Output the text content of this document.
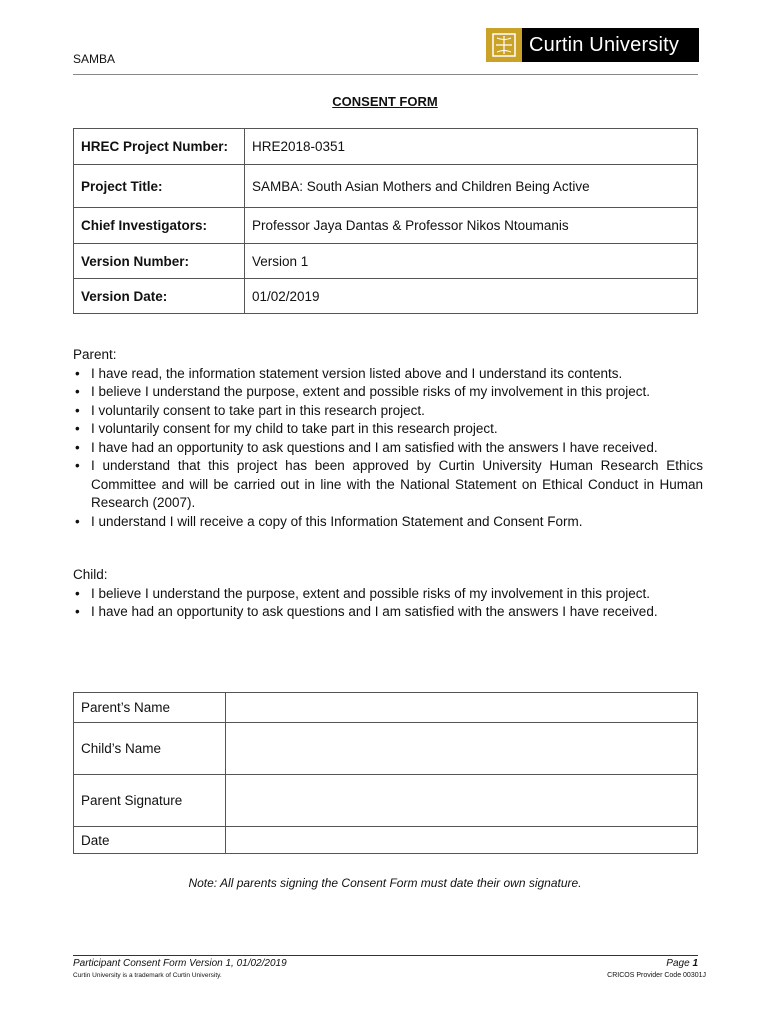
SAMBA
Curtin University
CONSENT FORM
HREC Project Number:	HRE2018-0351
Project Title:	SAMBA: South Asian Mothers and Children Being Active
Chief Investigators:	Professor Jaya Dantas & Professor Nikos Ntoumanis
Version Number:	Version 1
Version Date:	01/02/2019
Parent:
• I have read, the information statement version listed above and I understand its contents.
• I believe I understand the purpose, extent and possible risks of my involvement in this project.
• I voluntarily consent to take part in this research project.
• I voluntarily consent for my child to take part in this research project.
• I have had an opportunity to ask questions and I am satisfied with the answers I have received.
• I understand that this project has been approved by Curtin University Human Research Ethics Committee and will be carried out in line with the National Statement on Ethical Conduct in Human Research (2007).
• I understand I will receive a copy of this Information Statement and Consent Form.
Child:
• I believe I understand the purpose, extent and possible risks of my involvement in this project.
• I have had an opportunity to ask questions and I am satisfied with the answers I have received.
Parent’s Name	
Child’s Name	
Parent Signature	
Date	
Note: All parents signing the Consent Form must date their own signature.
Participant Consent Form Version 1, 01/02/2019	Page 1
Curtin University is a trademark of Curtin University.	CRICOS Provider Code 00301J
